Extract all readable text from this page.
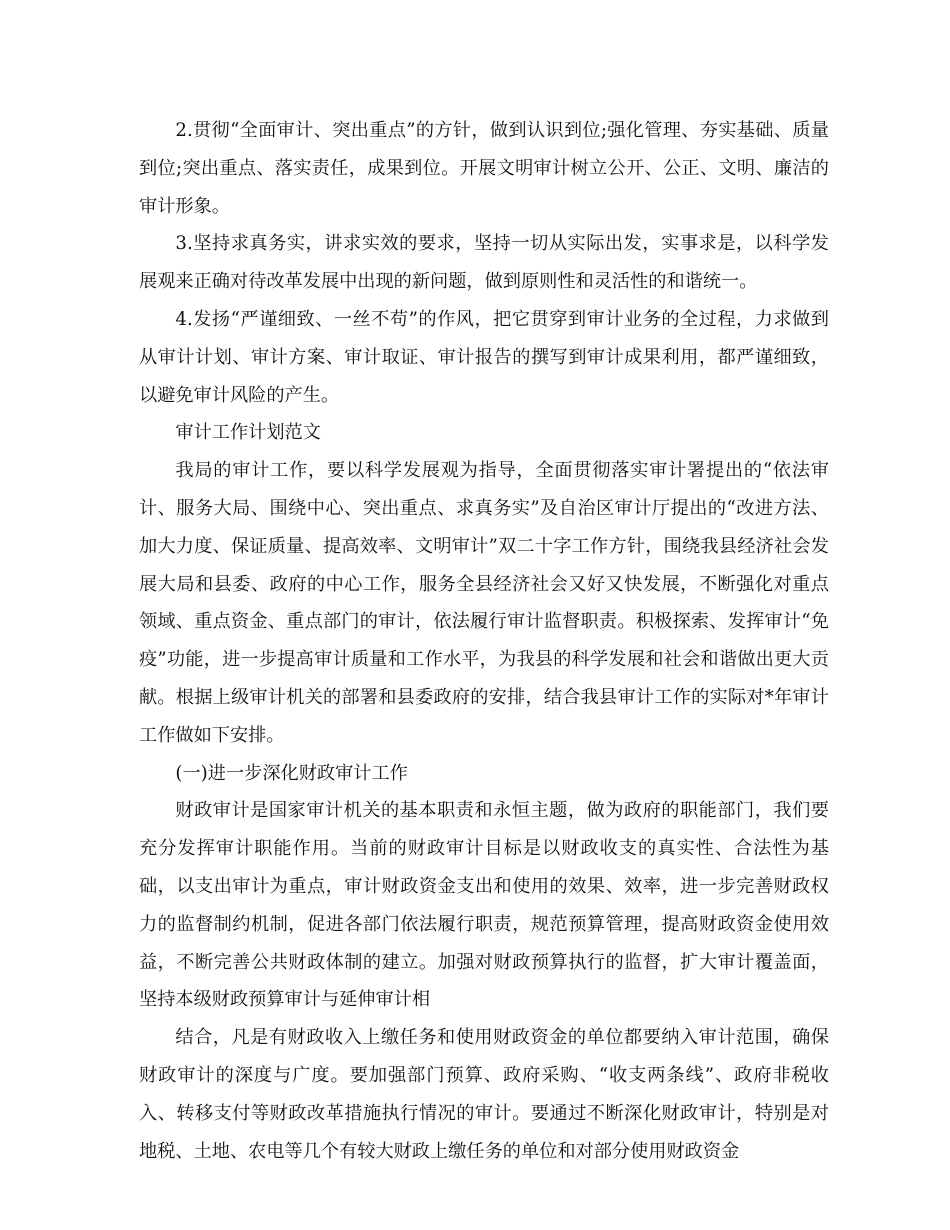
2.贯彻“全面审计、突出重点”的方针，做到认识到位;强化管理、夯实基础、质量到位;突出重点、落实责任，成果到位。开展文明审计树立公开、公正、文明、廉洁的审计形象。

3.坚持求真务实，讲求实效的要求，坚持一切从实际出发，实事求是，以科学发展观来正确对待改革发展中出现的新问题，做到原则性和灵活性的和谐统一。

4.发扬“严谨细致、一丝不苟”的作风，把它贯穿到审计业务的全过程，力求做到从审计计划、审计方案、审计取证、审计报告的撰写到审计成果利用，都严谨细致，以避免审计风险的产生。

审计工作计划范文

我局的审计工作，要以科学发展观为指导，全面贯彻落实审计署提出的“依法审计、服务大局、围绕中心、突出重点、求真务实”及自治区审计厅提出的“改进方法、加大力度、保证质量、提高效率、文明审计”双二十字工作方针，围绕我县经济社会发展大局和县委、政府的中心工作，服务全县经济社会又好又快发展，不断强化对重点领域、重点资金、重点部门的审计，依法履行审计监督职责。积极探索、发挥审计“免疫”功能，进一步提高审计质量和工作水平，为我县的科学发展和社会和谐做出更大贡献。根据上级审计机关的部署和县委政府的安排，结合我县审计工作的实际对*年审计工作做如下安排。

(一)进一步深化财政审计工作

财政审计是国家审计机关的基本职责和永恒主题，做为政府的职能部门，我们要充分发挥审计职能作用。当前的财政审计目标是以财政收支的真实性、合法性为基础，以支出审计为重点，审计财政资金支出和使用的效果、效率，进一步完善财政权力的监督制约机制，促进各部门依法履行职责，规范预算管理，提高财政资金使用效益，不断完善公共财政体制的建立。加强对财政预算执行的监督，扩大审计覆盖面，坚持本级财政预算审计与延伸审计相

结合，凡是有财政收入上缴任务和使用财政资金的单位都要纳入审计范围，确保财政审计的深度与广度。要加强部门预算、政府采购、“收支两条线”、政府非税收入、转移支付等财政改革措施执行情况的审计。要通过不断深化财政审计，特别是对地税、土地、农电等几个有较大财政上缴任务的单位和对部分使用财政资金
